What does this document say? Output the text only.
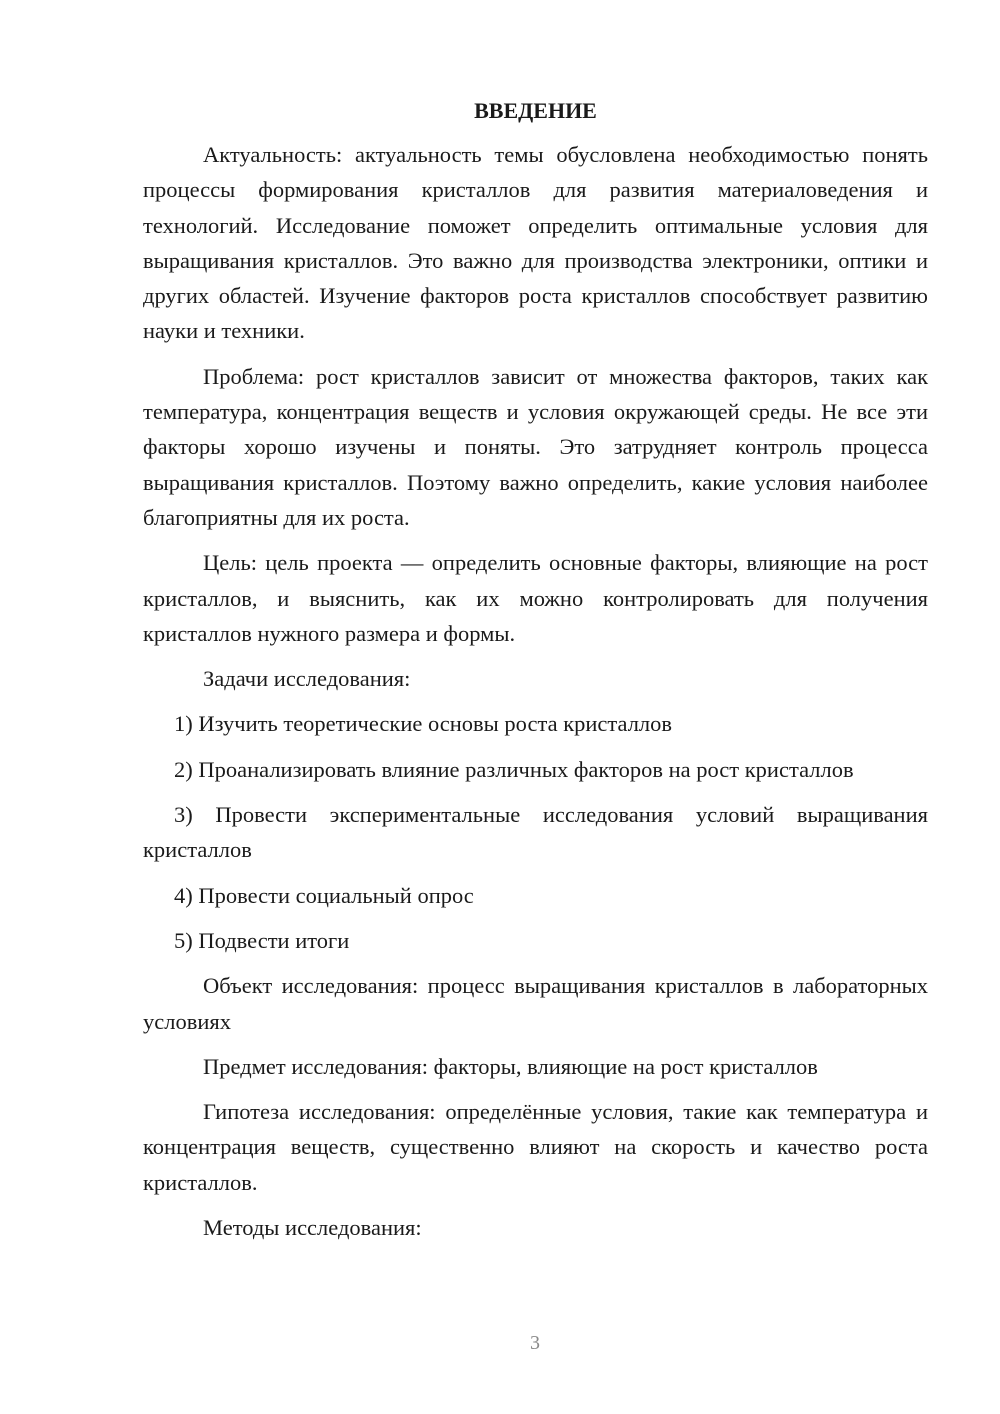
ВВЕДЕНИЕ

Актуальность: актуальность темы обусловлена необходимостью понять процессы формирования кристаллов для развития материаловедения и технологий. Исследование поможет определить оптимальные условия для выращивания кристаллов. Это важно для производства электроники, оптики и других областей. Изучение факторов роста кристаллов способствует развитию науки и техники.

Проблема: рост кристаллов зависит от множества факторов, таких как температура, концентрация веществ и условия окружающей среды. Не все эти факторы хорошо изучены и поняты. Это затрудняет контроль процесса выращивания кристаллов. Поэтому важно определить, какие условия наиболее благоприятны для их роста.

Цель: цель проекта — определить основные факторы, влияющие на рост кристаллов, и выяснить, как их можно контролировать для получения кристаллов нужного размера и формы.

Задачи исследования:

1) Изучить теоретические основы роста кристаллов

2) Проанализировать влияние различных факторов на рост кристаллов

3) Провести экспериментальные исследования условий выращивания кристаллов

4) Провести социальный опрос

5) Подвести итоги

Объект исследования: процесс выращивания кристаллов в лабораторных условиях

Предмет исследования: факторы, влияющие на рост кристаллов

Гипотеза исследования: определённые условия, такие как температура и концентрация веществ, существенно влияют на скорость и качество роста кристаллов.

Методы исследования:

3
